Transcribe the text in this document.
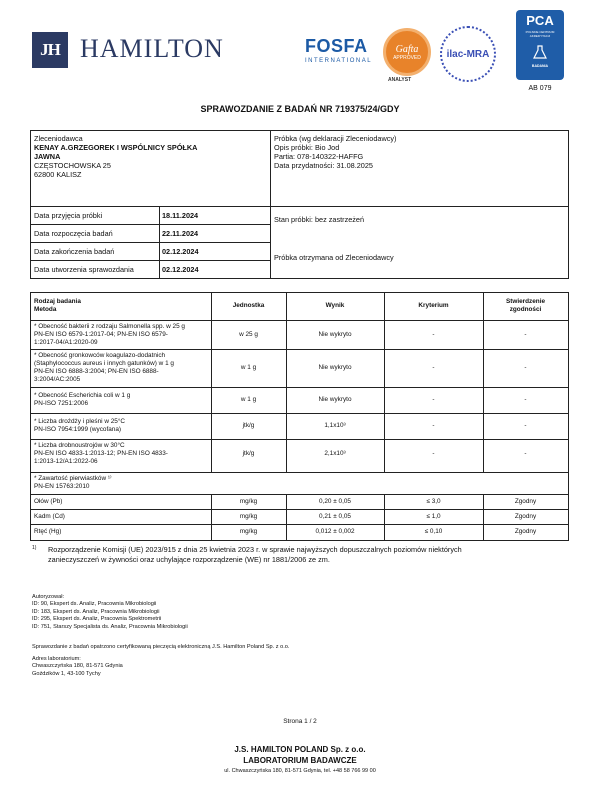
JH HAMILTON	FOSFA
INTERNATIONAL
Gafta
APPROVED
ANALYST
ilac-MRA
PCA
POLSKIE CENTRUM AKREDYTACJI
BADANIA
AB 079
SPRAWOZDANIE Z BADAŃ NR 719375/24/GDY
Zleceniodawca
KENAY A.GRZEGOREK I WSPÓLNICY SPÓŁKA
JAWNA
CZĘSTOCHOWSKA 25
62800 KALISZ
Próbka (wg deklaracji Zleceniodawcy)
Opis próbki: Bio Jod
Partia: 078-140322-HAFFG
Data przydatności: 31.08.2025
Data przyjęcia próbki	18.11.2024
Data rozpoczęcia badań	22.11.2024
Data zakończenia badań	02.12.2024
Data utworzenia sprawozdania	02.12.2024
Stan próbki: bez zastrzeżeń
Próbka otrzymana od Zleceniodawcy
Rodzaj badania
Metoda
Jednostka	Wynik	Kryterium
Stwierdzenie
zgodności
* Obecność bakterii z rodzaju Salmonella spp. w 25 g
PN-EN ISO 6579-1:2017-04; PN-EN ISO 6579-
1:2017-04/A1:2020-09
w 25 g	Nie wykryto	-	-
* Obecność gronkowców koagulazo-dodatnich
(Staphylococcus aureus i innych gatunków) w 1 g
PN-EN ISO 6888-3:2004; PN-EN ISO 6888-
3:2004/AC:2005
w 1 g	Nie wykryto	-	-
* Obecność Escherichia coli w 1 g
PN-ISO 7251:2006
w 1 g	Nie wykryto	-	-
* Liczba drożdży i pleśni w 25°C
PN-ISO 7954:1999 (wycofana)
jtk/g	1,1x10³	-	-
* Liczba drobnoustrojów w 30°C
PN-EN ISO 4833-1:2013-12; PN-EN ISO 4833-
1:2013-12/A1:2022-06
jtk/g	2,1x10³	-	-
* Zawartość pierwiastków ¹⁾
PN-EN 15763:2010
Ołów (Pb)	mg/kg	0,20 ± 0,05	≤ 3,0	Zgodny
Kadm (Cd)	mg/kg	0,21 ± 0,05	≤ 1,0	Zgodny
Rtęć (Hg)	mg/kg	0,012 ± 0,002	≤ 0,10	Zgodny
1) Rozporządzenie Komisji (UE) 2023/915 z dnia 25 kwietnia 2023 r. w sprawie najwyższych dopuszczalnych poziomów niektórych
zanieczyszczeń w żywności oraz uchylające rozporządzenie (WE) nr 1881/2006 ze zm.
Autoryzował:
ID: 90, Ekspert ds. Analiz, Pracownia Mikrobiologii
ID: 183, Ekspert ds. Analiz, Pracownia Mikrobiologii
ID: 295, Ekspert ds. Analiz, Pracownia Spektrometrii
ID: 751, Starszy Specjalista ds. Analiz, Pracownia Mikrobiologii
Sprawozdanie z badań opatrzono certyfikowaną pieczęcią elektroniczną J.S. Hamilton Poland Sp. z o.o.
Adres laboratorium:
Chwaszczyńska 180, 81-571 Gdynia
Goździków 1, 43-100 Tychy
Strona 1 / 2
J.S. HAMILTON POLAND Sp. z o.o.
LABORATORIUM BADAWCZE
ul. Chwaszczyńska 180, 81-571 Gdynia, tel. +48 58 766 99 00
